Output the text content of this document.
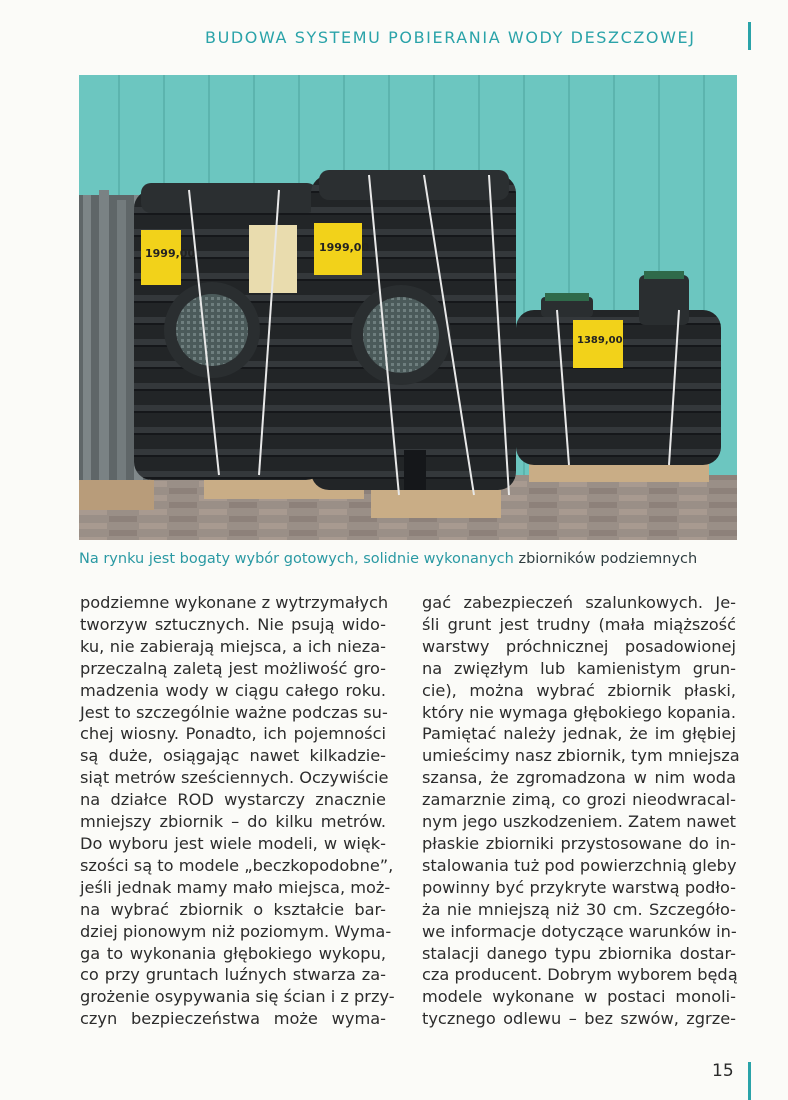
BUDOWA SYSTEMU POBIERANIA WODY DESZCZOWEJ
1999,00	1999,00
1389,00
Na rynku jest bogaty wybór gotowych, solidnie wykonanych zbiorników podziemnych
podziemne wykonane z wytrzymałych
tworzyw sztucznych. Nie psują wido-
ku, nie zabierają miejsca, a ich nieza-
przeczalną zaletą jest możliwość gro-
madzenia wody w ciągu całego roku.
Jest to szczególnie ważne podczas su-
chej wiosny. Ponadto, ich pojemności
są duże, osiągając nawet kilkadzie-
siąt metrów sześciennych. Oczywiście
na działce ROD wystarczy znacznie
mniejszy zbiornik – do kilku metrów.
Do wyboru jest wiele modeli, w więk-
szości są to modele „beczkopodobne”,
jeśli jednak mamy mało miejsca, moż-
na wybrać zbiornik o kształcie bar-
dziej pionowym niż poziomym. Wyma-
ga to wykonania głębokiego wykopu,
co przy gruntach luźnych stwarza za-
grożenie osypywania się ścian i z przy-
czyn bezpieczeństwa może wyma-
gać zabezpieczeń szalunkowych. Je-
śli grunt jest trudny (mała miąższość
warstwy próchnicznej posadowionej
na zwięzłym lub kamienistym grun-
cie), można wybrać zbiornik płaski,
który nie wymaga głębokiego kopania.
Pamiętać należy jednak, że im głębiej
umieścimy nasz zbiornik, tym mniejsza
szansa, że zgromadzona w nim woda
zamarznie zimą, co grozi nieodwracal-
nym jego uszkodzeniem. Zatem nawet
płaskie zbiorniki przystosowane do in-
stalowania tuż pod powierzchnią gleby
powinny być przykryte warstwą podło-
ża nie mniejszą niż 30 cm. Szczegóło-
we informacje dotyczące warunków in-
stalacji danego typu zbiornika dostar-
cza producent. Dobrym wyborem będą
modele wykonane w postaci monoli-
tycznego odlewu – bez szwów, zgrze-
15
